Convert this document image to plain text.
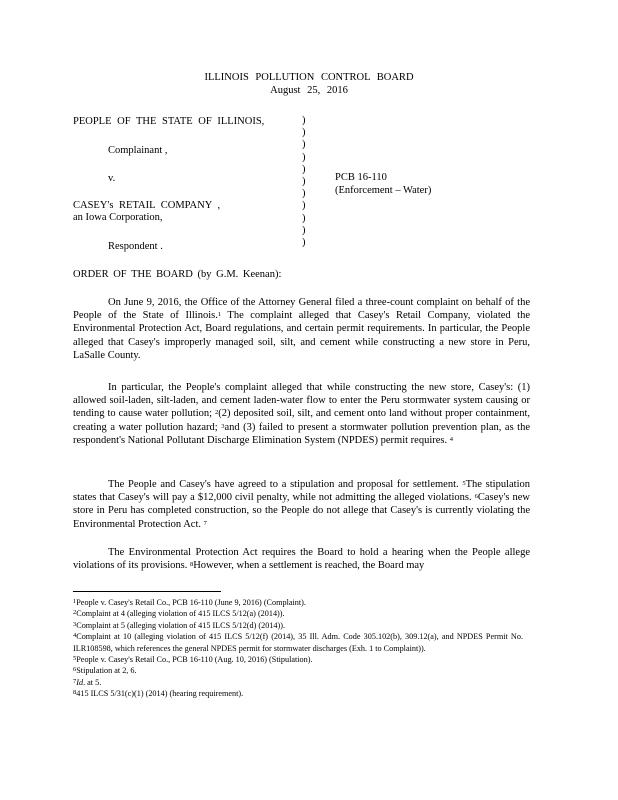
ILLINOIS POLLUTION CONTROL BOARD
August 25, 2016
PEOPLE OF THE STATE OF ILLINOIS,
Complainant ,
v.	PCB 16-110
(Enforcement – Water)
CASEY's RETAIL COMPANY ,
an Iowa Corporation,
Respondent .
)
)
)
)
)
)
)
)
)
)
)
ORDER OF THE BOARD (by G.M. Keenan):

On June 9, 2016, the Office of the Attorney General filed a three-count complaint on behalf of the People of the State of Illinois.$^1$ The complaint alleged that Casey's Retail Company, violated the Environmental Protection Act, Board regulations, and certain permit requirements. In particular, the People alleged that Casey's improperly managed soil, silt, and cement while constructing a new store in Peru, LaSalle County.

In particular, the People's complaint alleged that while constructing the new store, Casey's: (1) allowed soil-laden, silt-laden, and cement laden-water flow to enter the Peru stormwater system causing or tending to cause water pollution; $^2$(2) deposited soil, silt, and cement onto land without proper containment, creating a water pollution hazard; $^3$and (3) failed to present a stormwater pollution prevention plan, as the respondent's National Pollutant Discharge Elimination System (NPDES) permit requires. $^4$

The People and Casey's have agreed to a stipulation and proposal for settlement. $^5$The stipulation states that Casey's will pay a $12,000 civil penalty, while not admitting the alleged violations. $^6$Casey's new store in Peru has completed construction, so the People do not allege that Casey's is currently violating the Environmental Protection Act. $^7$

The Environmental Protection Act requires the Board to hold a hearing when the People allege violations of its provisions. $^8$However, when a settlement is reached, the Board may

$^1$People v. Casey's Retail Co., PCB 16-110 (June 9, 2016) (Complaint).
$^2$Complaint at 4 (alleging violation of 415 ILCS 5/12(a) (2014)).
$^3$Complaint at 5 (alleging violation of 415 ILCS 5/12(d) (2014)).
$^4$Complaint at 10 (alleging violation of 415 ILCS 5/12(f) (2014), 35 Ill. Adm. Code 305.102(b), 309.12(a), and NPDES Permit No. ILR108598, which references the general NPDES permit for stormwater discharges (Exh. 1 to Complaint)).
$^5$People v. Casey's Retail Co., PCB 16-110 (Aug. 10, 2016) (Stipulation).
$^6$Stipulation at 2, 6.
$^7$Id. at 5.
$^8$415 ILCS 5/31(c)(1) (2014) (hearing requirement).
